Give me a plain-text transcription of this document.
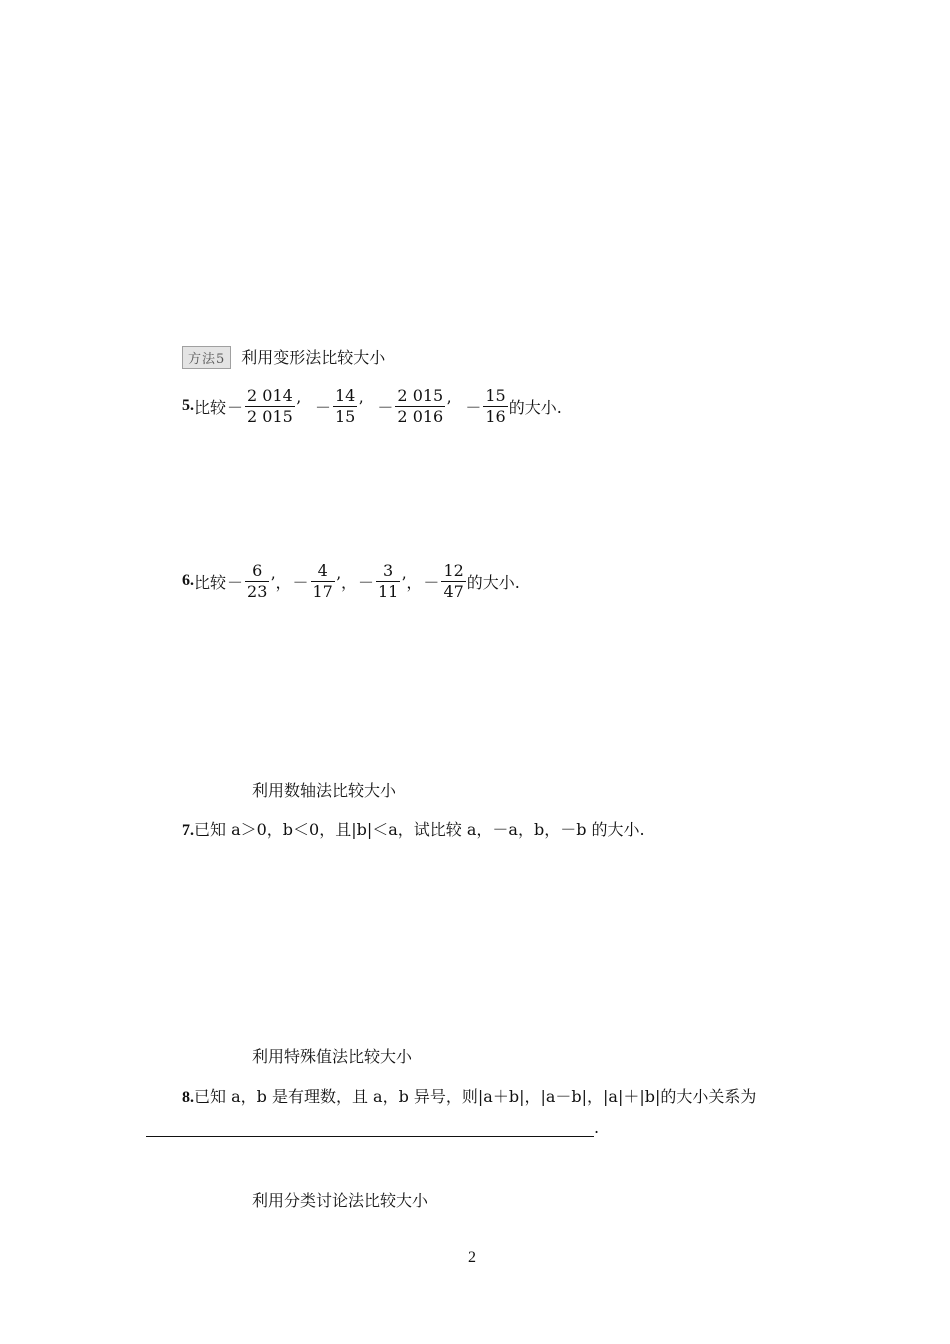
方法5 利用变形法比较大小
5. 比较 － $\frac{2 014}{2 015}$ ’ － $\frac{14}{15}$ ’ － $\frac{2 015}{2 016}$ ’ － $\frac{15}{16}$ 的大小.
6. 比较 － $\frac{6}{23}$ ’， － $\frac{4}{17}$ ’， － $\frac{3}{11}$ ’， － $\frac{12}{47}$ 的大小.
利用数轴法比较大小
7.已知 a＞0，b＜0，且|b|＜a，试比较 a，－a，b，－b 的大小.
利用特殊值法比较大小
8.已知 a，b 是有理数，且 a，b 异号，则|a＋b|，|a－b|，|a|＋|b|的大小关系为
.
利用分类讨论法比较大小
2
